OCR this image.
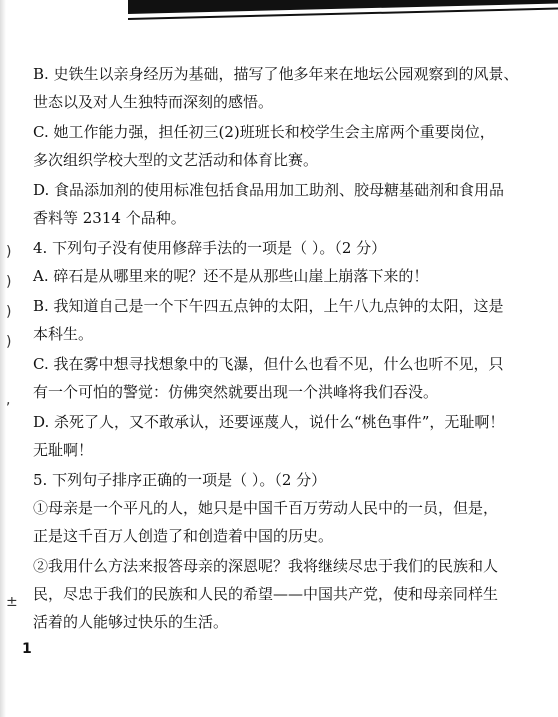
)
)
)
)
,
±
B. 史铁生以亲身经历为基础，描写了他多年来在地坛公园观察到的风景、
世态以及对人生独特而深刻的感悟。
C. 她工作能力强，担任初三(2)班班长和校学生会主席两个重要岗位，
多次组织学校大型的文艺活动和体育比赛。
D. 食品添加剂的使用标准包括食品用加工助剂、胶母糖基础剂和食用品
香料等 2314 个品种。
4. 下列句子没有使用修辞手法的一项是（ ）。（2 分）
A. 碎石是从哪里来的呢？还不是从那些山崖上崩落下来的！
B. 我知道自己是一个下午四五点钟的太阳，上午八九点钟的太阳，这是
本科生。
C. 我在雾中想寻找想象中的飞瀑，但什么也看不见，什么也听不见，只
有一个可怕的警觉：仿佛突然就要出现一个洪峰将我们吞没。
D. 杀死了人，又不敢承认，还要诬蔑人，说什么“桃色事件”，无耻啊！
无耻啊！
5. 下列句子排序正确的一项是（ ）。（2 分）
①母亲是一个平凡的人，她只是中国千百万劳动人民中的一员，但是，
正是这千百万人创造了和创造着中国的历史。
②我用什么方法来报答母亲的深恩呢？我将继续尽忠于我们的民族和人
民，尽忠于我们的民族和人民的希望——中国共产党，使和母亲同样生
活着的人能够过快乐的生活。
1
